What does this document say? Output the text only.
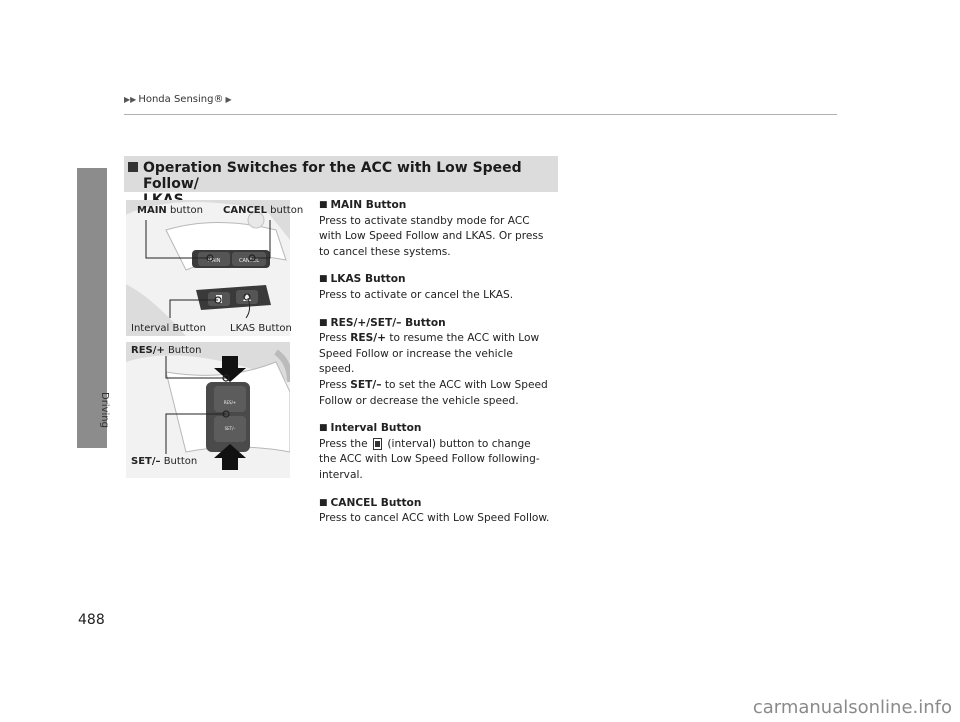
▶▶ Honda Sensing® ▶
Driving
488
Operation Switches for the ACC with Low Speed Follow/

MAIN	CANCEL
RES/+
SET/–
MAIN button CANCEL button
Interval Button LKAS Button
RES/+ Button
SET/– Button
■ MAIN Button
Press to activate standby mode for ACC with Low Speed Follow and LKAS. Or press to cancel these systems.
■ LKAS Button
Press to activate or cancel the LKAS.
■ RES/+/SET/– Button
Press RES/+ to resume the ACC with Low Speed Follow or increase the vehicle speed.
Press SET/– to set the ACC with Low Speed Follow or decrease the vehicle speed.
■ Interval Button
Press the  (interval) button to change the ACC with Low Speed Follow following-interval.
■ CANCEL Button
Press to cancel ACC with Low Speed Follow.
carmanualsonline.info
